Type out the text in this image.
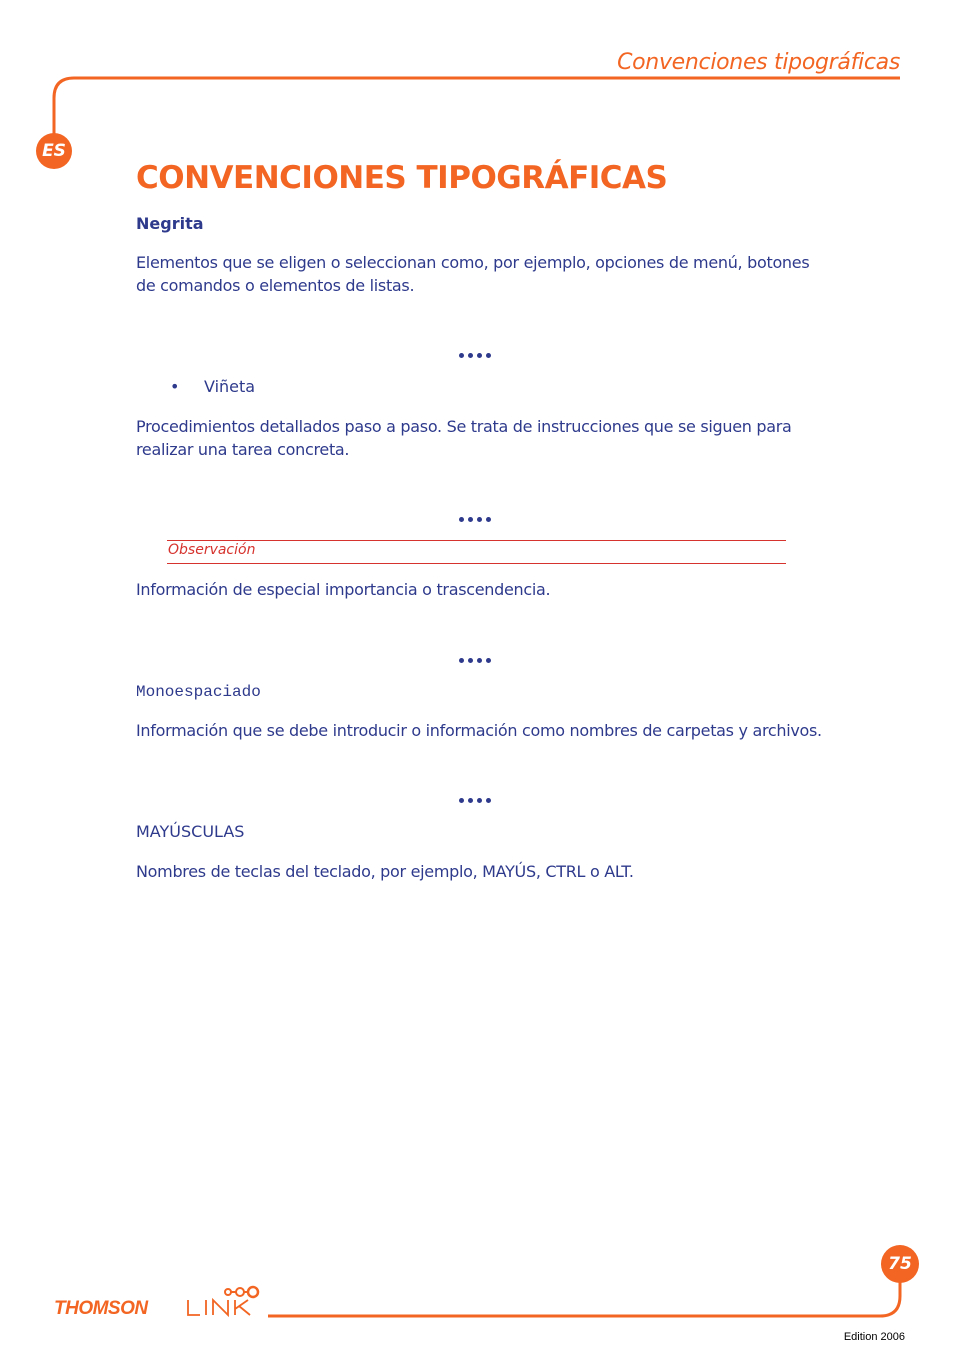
Convenciones tipográficas
ES
CONVENCIONES TIPOGRÁFICAS
Negrita
Elementos que se eligen o seleccionan como, por ejemplo, opciones de menú, botones de comandos o elementos de listas.
• Viñeta
Procedimientos detallados paso a paso. Se trata de instrucciones que se siguen para realizar una tarea concreta.
Observación
Información de especial importancia o trascendencia.
Monoespaciado
Información que se debe introducir o información como nombres de carpetas y archivos.
MAYÚSCULAS
Nombres de teclas del teclado, por ejemplo, MAYÚS, CTRL o ALT.
75
THOMSON
Edition 2006
